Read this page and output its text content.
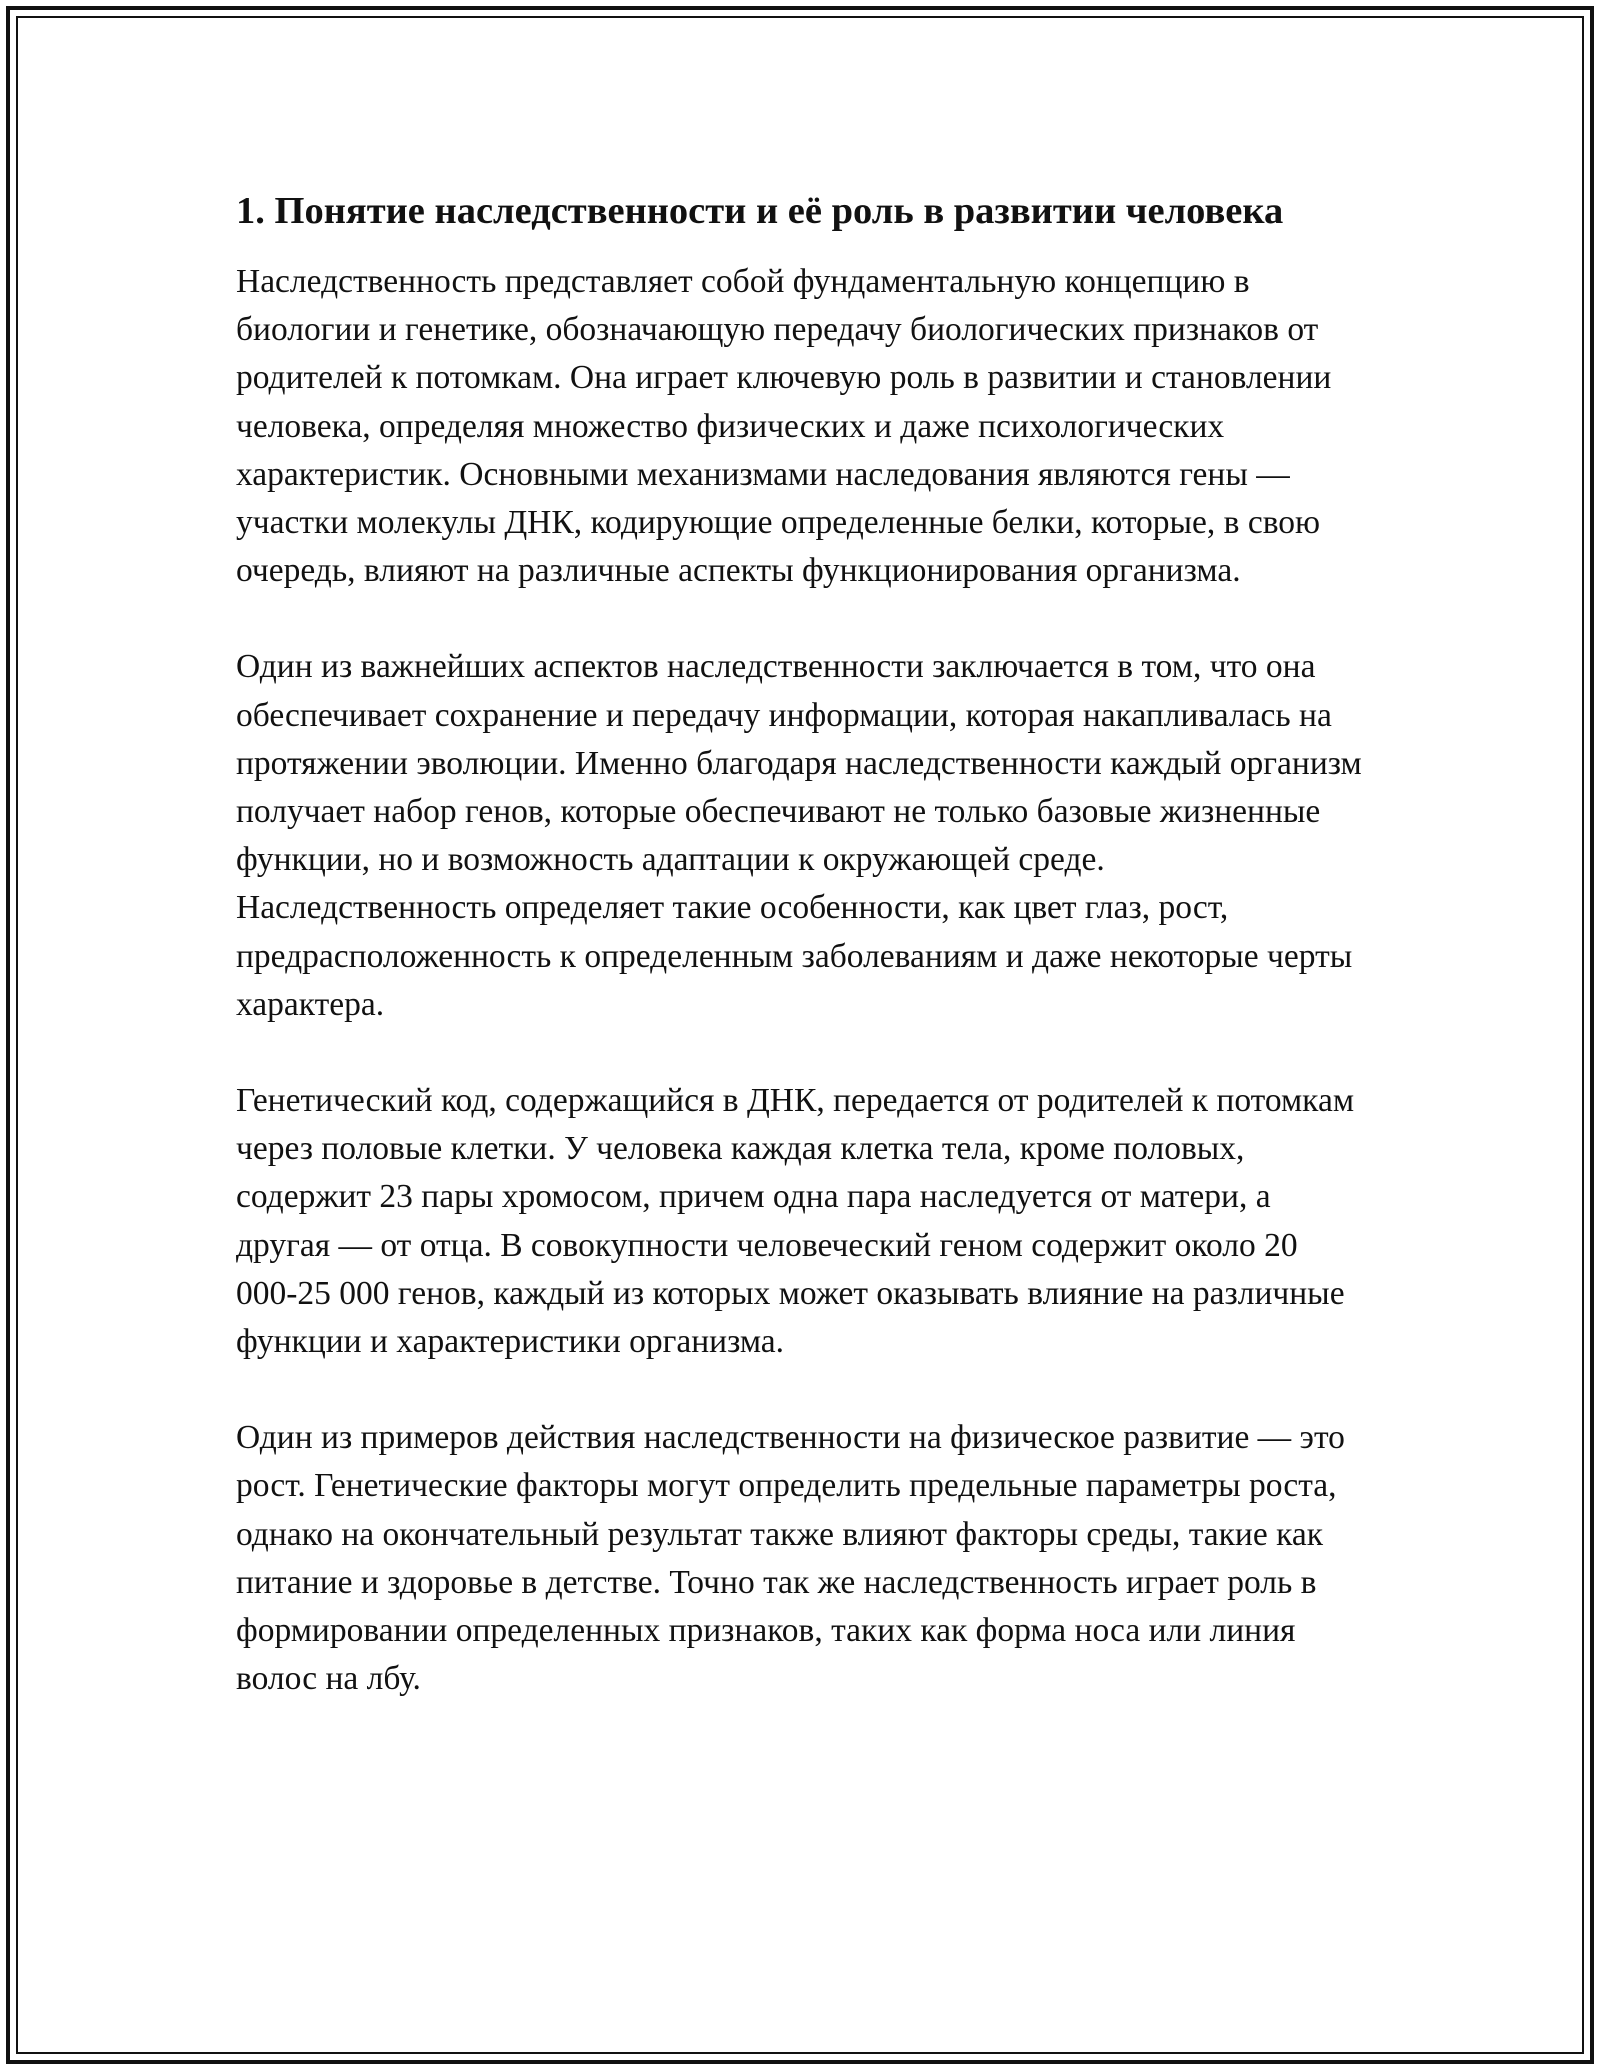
1. Понятие наследственности и её роль в развитии человека

Наследственность представляет собой фундаментальную концепцию в биологии и генетике, обозначающую передачу биологических признаков от родителей к потомкам. Она играет ключевую роль в развитии и становлении человека, определяя множество физических и даже психологических характеристик. Основными механизмами наследования являются гены — участки молекулы ДНК, кодирующие определенные белки, которые, в свою очередь, влияют на различные аспекты функционирования организма.

Один из важнейших аспектов наследственности заключается в том, что она обеспечивает сохранение и передачу информации, которая накапливалась на протяжении эволюции. Именно благодаря наследственности каждый организм получает набор генов, которые обеспечивают не только базовые жизненные функции, но и возможность адаптации к окружающей среде. Наследственность определяет такие особенности, как цвет глаз, рост, предрасположенность к определенным заболеваниям и даже некоторые черты характера.

Генетический код, содержащийся в ДНК, передается от родителей к потомкам через половые клетки. У человека каждая клетка тела, кроме половых, содержит 23 пары хромосом, причем одна пара наследуется от матери, а другая — от отца. В совокупности человеческий геном содержит около 20 000-25 000 генов, каждый из которых может оказывать влияние на различные функции и характеристики организма.

Один из примеров действия наследственности на физическое развитие — это рост. Генетические факторы могут определить предельные параметры роста, однако на окончательный результат также влияют факторы среды, такие как питание и здоровье в детстве. Точно так же наследственность играет роль в формировании определенных признаков, таких как форма носа или линия волос на лбу.
